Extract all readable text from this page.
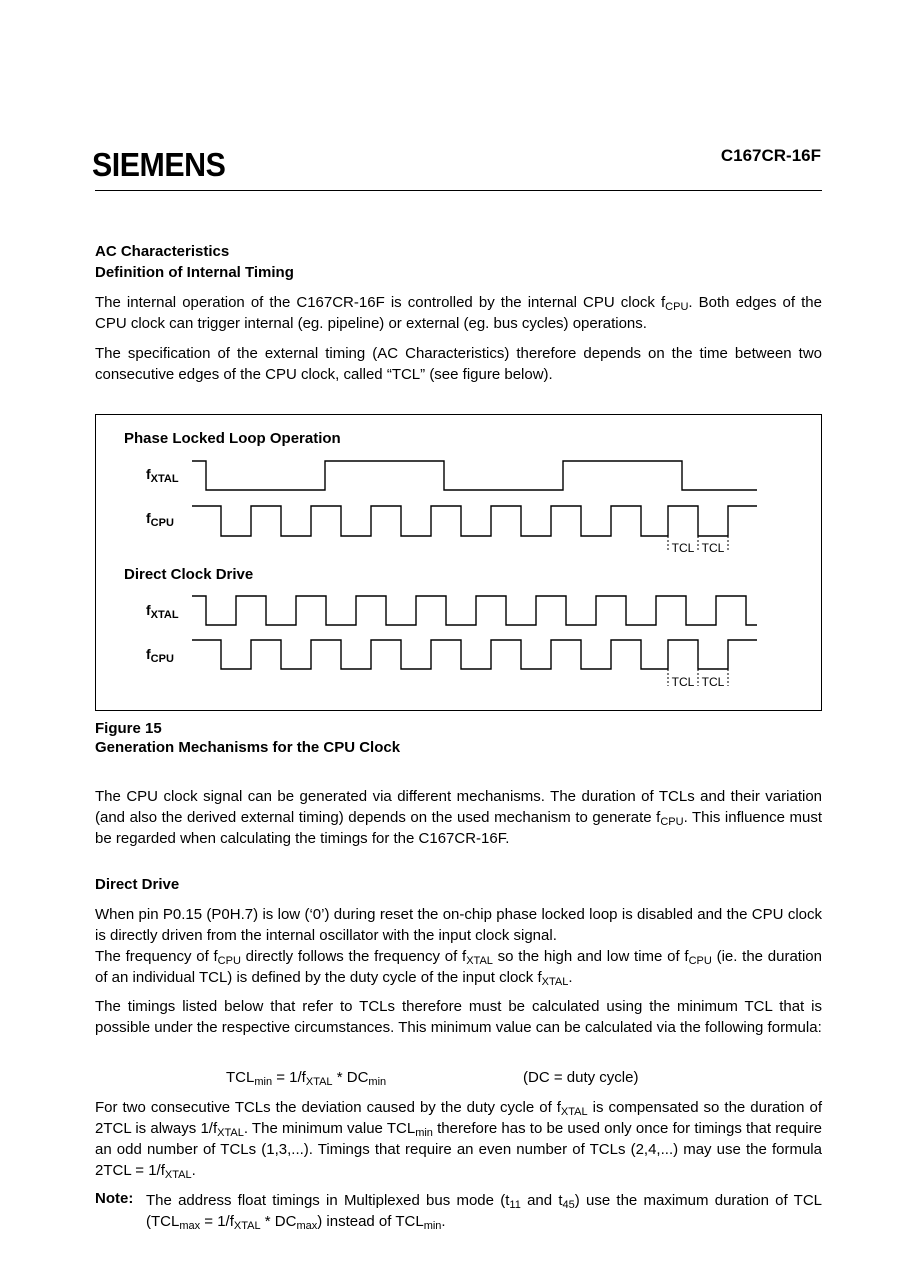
SIEMENS	C167CR-16F
AC Characteristics
Definition of Internal Timing

The internal operation of the C167CR-16F is controlled by the internal CPU clock $f_{CPU}$. Both edges of the CPU clock can trigger internal (eg. pipeline) or external (eg. bus cycles) operations.

The specification of the external timing (AC Characteristics) therefore depends on the time between two consecutive edges of the CPU clock, called “TCL” (see figure below).

Phase Locked Loop Operation
$f_{XTAL}$
$f_{CPU}$
Direct Clock Drive
$f_{XTAL}$
$f_{CPU}$
TCL TCL
TCL TCL
Figure 15
Generation Mechanisms for the CPU Clock

The CPU clock signal can be generated via different mechanisms. The duration of TCLs and their variation (and also the derived external timing) depends on the used mechanism to generate $f_{CPU}$. This influence must be regarded when calculating the timings for the C167CR-16F.

Direct Drive

When pin P0.15 (P0H.7) is low (‘0’) during reset the on-chip phase locked loop is disabled and the CPU clock is directly driven from the internal oscillator with the input clock signal.

The frequency of $f_{CPU}$ directly follows the frequency of $f_{XTAL}$ so the high and low time of $f_{CPU}$ (ie. the duration of an individual TCL) is defined by the duty cycle of the input clock $f_{XTAL}$.

The timings listed below that refer to TCLs therefore must be calculated using the minimum TCL that is possible under the respective circumstances. This minimum value can be calculated via the following formula:

$TCL_{min} = 1/f_{XTAL} * DC_{min}$	(DC = duty cycle)

For two consecutive TCLs the deviation caused by the duty cycle of $f_{XTAL}$ is compensated so the duration of 2TCL is always $1/f_{XTAL}$. The minimum value $TCL_{min}$ therefore has to be used only once for timings that require an odd number of TCLs (1,3,...). Timings that require an even number of TCLs (2,4,...) may use the formula $2TCL = 1/f_{XTAL}$.

Note: The address float timings in Multiplexed bus mode ($t_{11}$ and $t_{45}$) use the maximum duration of TCL $(TCL_{max} = 1/f_{XTAL} * DC_{max})$ instead of $TCL_{min}$.
